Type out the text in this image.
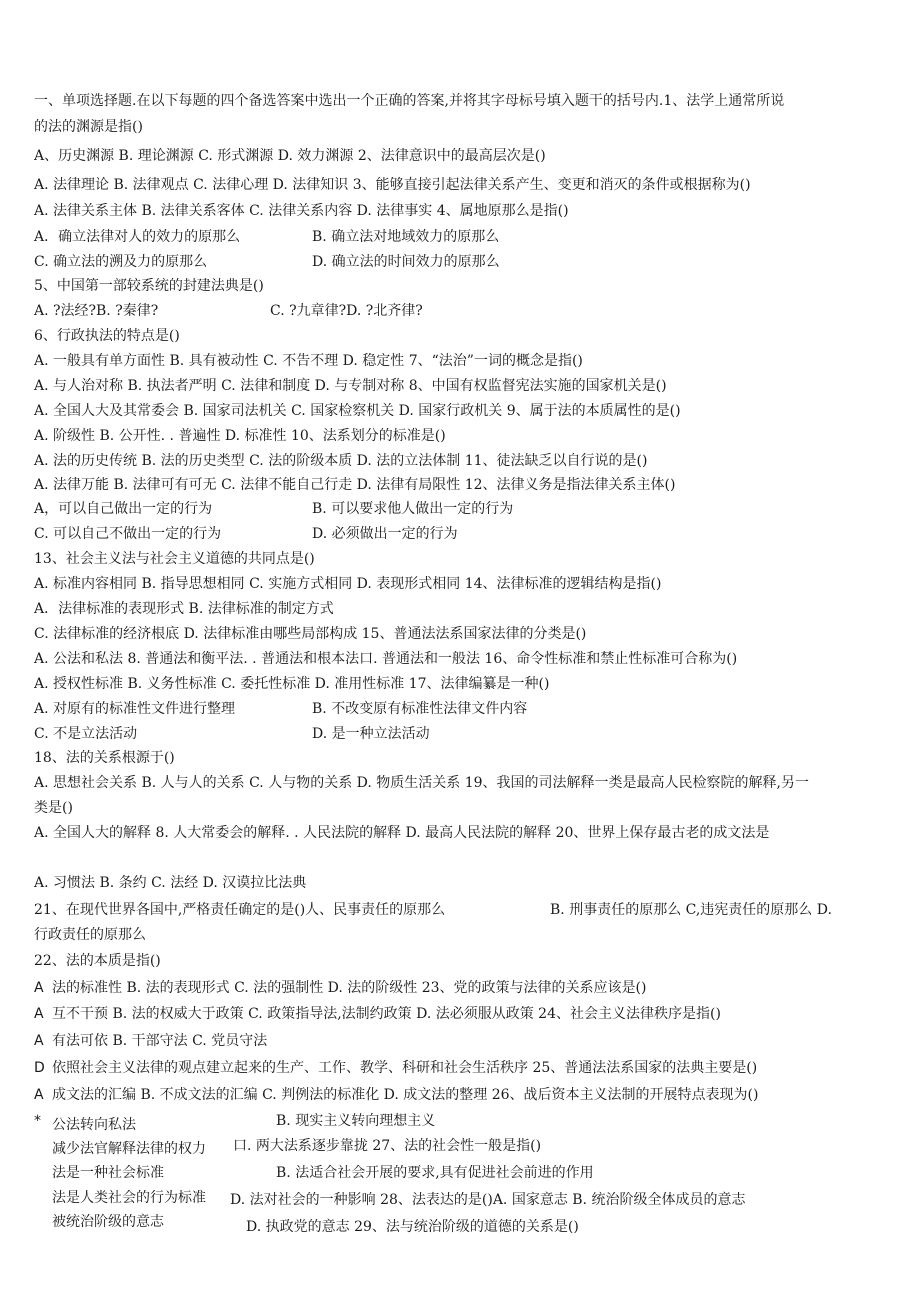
一、单项选择题.在以下每题的四个备选答案中选出一个正确的答案,并将其字母标号填入题干的括号内.1、法学上通常所说
的法的渊源是指()
A、历史渊源 B. 理论渊源 C. 形式渊源 D. 效力渊源 2、法律意识中的最高层次是()
A. 法律理论 B. 法律观点 C. 法律心理 D. 法律知识 3、能够直接引起法律关系产生、变更和消灭的条件或根据称为()
A. 法律关系主体 B. 法律关系客体 C. 法律关系内容 D. 法律事实 4、属地原那么是指()
A．确立法律对人的效力的原那么	B. 确立法对地域效力的原那么
C. 确立法的溯及力的原那么	D. 确立法的时间效力的原那么
5、中国第一部较系统的封建法典是()
A. ?法经?B. ?秦律?	C. ?九章律?D. ?北齐律?
6、行政执法的特点是()
A. 一般具有单方面性 B. 具有被动性 C. 不告不理 D. 稳定性 7、“法治”一词的概念是指()
A. 与人治对称 B. 执法者严明 C. 法律和制度 D. 与专制对称 8、中国有权监督宪法实施的国家机关是()
A. 全国人大及其常委会 B. 国家司法机关 C. 国家检察机关 D. 国家行政机关 9、属于法的本质属性的是()
A. 阶级性 B. 公开性. . 普遍性 D. 标准性 10、法系划分的标准是()
A. 法的历史传统 B. 法的历史类型 C. 法的阶级本质 D. 法的立法体制 11、徒法缺乏以自行说的是()
A. 法律万能 B. 法律可有可无 C. 法律不能自己行走 D. 法律有局限性 12、法律义务是指法律关系主体()
A，可以自己做出一定的行为	B. 可以要求他人做出一定的行为
C. 可以自己不做出一定的行为	D. 必须做出一定的行为
13、社会主义法与社会主义道德的共同点是()
A. 标准内容相同 B. 指导思想相同 C. 实施方式相同 D. 表现形式相同 14、法律标准的逻辑结构是指()
A．法律标准的表现形式 B. 法律标准的制定方式
C. 法律标准的经济根底 D. 法律标准由哪些局部构成 15、普通法法系国家法律的分类是()
A. 公法和私法 8. 普通法和衡平法. . 普通法和根本法口. 普通法和一般法 16、命令性标准和禁止性标准可合称为()
A. 授权性标准 B. 义务性标准 C. 委托性标准 D. 准用性标准 17、法律编纂是一种()
A. 对原有的标准性文件进行整理	B. 不改变原有标准性法律文件内容
C. 不是立法活动	D. 是一种立法活动
18、法的关系根源于()
A. 思想社会关系 B. 人与人的关系 C. 人与物的关系 D. 物质生活关系 19、我国的司法解释一类是最高人民检察院的解释,另一
类是()
A. 全国人大的解释 8. 人大常委会的解释. . 人民法院的解释 D. 最高人民法院的解释 20、世界上保存最古老的成文法是
A. 习惯法 B. 条约 C. 法经 D. 汉谟拉比法典
21、在现代世界各国中,严格责任确定的是()人、民事责任的原那么	B. 刑事责任的原那么 C,违宪责任的原那么 D.
行政责任的原那么
22、法的本质是指()
A 法的标准性 B. 法的表现形式 C. 法的强制性 D. 法的阶级性 23、党的政策与法律的关系应该是()
A 互不干预 B. 法的权威大于政策 C. 政策指导法,法制约政策 D. 法必须服从政策 24、社会主义法律秩序是指()
A 有法可依 B. 干部守法 C. 党员守法
D 依照社会主义法律的观点建立起来的生产、工作、教学、科研和社会生活秩序 25、普通法法系国家的法典主要是()
A 成文法的汇编 B. 不成文法的汇编 C. 判例法的标准化 D. 成文法的整理 26、战后资本主义法制的开展特点表现为()
* 公法转向私法	B. 现实主义转向理想主义
减少法官解释法律的权力 口. 两大法系逐步靠拢 27、法的社会性一般是指()
法是一种社会标准	B. 法适合社会开展的要求,具有促进社会前进的作用
法是人类社会的行为标准 D. 法对社会的一种影响 28、法表达的是()A. 国家意志 B. 统治阶级全体成员的意志
被统治阶级的意志	D. 执政党的意志 29、法与统治阶级的道德的关系是()
